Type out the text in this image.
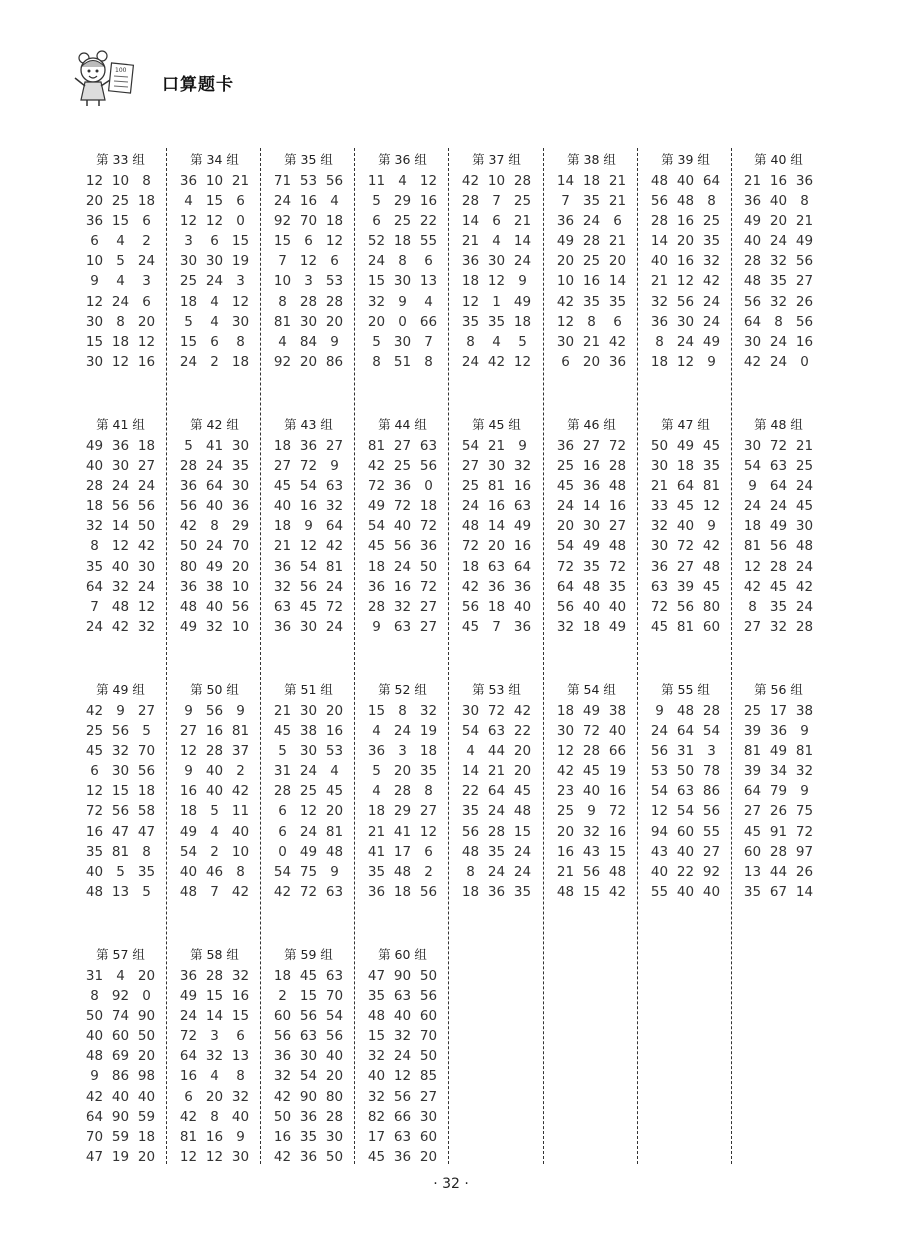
100
口算题卡
第 33 组
12 10 8
20 25 18
36 15 6
6 4 2
10 5 24
9 4 3
12 24 6
30 8 20
15 18 12
30 12 16
第 34 组
36 10 21
4 15 6
12 12 0
3 6 15
30 30 19
25 24 3
18 4 12
5 4 30
15 6 8
24 2 18
第 35 组
71 53 56
24 16 4
92 70 18
15 6 12
7 12 6
10 3 53
8 28 28
81 30 20
4 84 9
92 20 86
第 36 组
11 4 12
5 29 16
6 25 22
52 18 55
24 8 6
15 30 13
32 9 4
20 0 66
5 30 7
8 51 8
第 37 组
42 10 28
28 7 25
14 6 21
21 4 14
36 30 24
18 12 9
12 1 49
35 35 18
8 4 5
24 42 12
第 38 组
14 18 21
7 35 21
36 24 6
49 28 21
20 25 20
10 16 14
42 35 35
12 8 6
30 21 42
6 20 36
第 39 组
48 40 64
56 48 8
28 16 25
14 20 35
40 16 32
21 12 42
32 56 24
36 30 24
8 24 49
18 12 9
第 40 组
21 16 36
36 40 8
49 20 21
40 24 49
28 32 56
48 35 27
56 32 26
64 8 56
30 24 16
42 24 0
第 41 组
49 36 18
40 30 27
28 24 24
18 56 56
32 14 50
8 12 42
35 40 30
64 32 24
7 48 12
24 42 32
第 42 组
5 41 30
28 24 35
36 64 30
56 40 36
42 8 29
50 24 70
80 49 20
36 38 10
48 40 56
49 32 10
第 43 组
18 36 27
27 72 9
45 54 63
40 16 32
18 9 64
21 12 42
36 54 81
32 56 24
63 45 72
36 30 24
第 44 组
81 27 63
42 25 56
72 36 0
49 72 18
54 40 72
45 56 36
18 24 50
36 16 72
28 32 27
9 63 27
第 45 组
54 21 9
27 30 32
25 81 16
24 16 63
48 14 49
72 20 16
18 63 64
42 36 36
56 18 40
45 7 36
第 46 组
36 27 72
25 16 28
45 36 48
24 14 16
20 30 27
54 49 48
72 35 72
64 48 35
56 40 40
32 18 49
第 47 组
50 49 45
30 18 35
21 64 81
33 45 12
32 40 9
30 72 42
36 27 48
63 39 45
72 56 80
45 81 60
第 48 组
30 72 21
54 63 25
9 64 24
24 24 45
18 49 30
81 56 48
12 28 24
42 45 42
8 35 24
27 32 28
第 49 组
42 9 27
25 56 5
45 32 70
6 30 56
12 15 18
72 56 58
16 47 47
35 81 8
40 5 35
48 13 5
第 50 组
9 56 9
27 16 81
12 28 37
9 40 2
16 40 42
18 5 11
49 4 40
54 2 10
40 46 8
48 7 42
第 51 组
21 30 20
45 38 16
5 30 53
31 24 4
28 25 45
6 12 20
6 24 81
0 49 48
54 75 9
42 72 63
第 52 组
15 8 32
4 24 19
36 3 18
5 20 35
4 28 8
18 29 27
21 41 12
41 17 6
35 48 2
36 18 56
第 53 组
30 72 42
54 63 22
4 44 20
14 21 20
22 64 45
35 24 48
56 28 15
48 35 24
8 24 24
18 36 35
第 54 组
18 49 38
30 72 40
12 28 66
42 45 19
23 40 16
25 9 72
20 32 16
16 43 15
21 56 48
48 15 42
第 55 组
9 48 28
24 64 54
56 31 3
53 50 78
54 63 86
12 54 56
94 60 55
43 40 27
40 22 92
55 40 40
第 56 组
25 17 38
39 36 9
81 49 81
39 34 32
64 79 9
27 26 75
45 91 72
60 28 97
13 44 26
35 67 14
第 57 组
31 4 20
8 92 0
50 74 90
40 60 50
48 69 20
9 86 98
42 40 40
64 90 59
70 59 18
47 19 20
第 58 组
36 28 32
49 15 16
24 14 15
72 3 6
64 32 13
16 4 8
6 20 32
42 8 40
81 16 9
12 12 30
第 59 组
18 45 63
2 15 70
60 56 54
56 63 56
36 30 40
32 54 20
42 90 80
50 36 28
16 35 30
42 36 50
第 60 组
47 90 50
35 63 56
48 40 60
15 32 70
32 24 50
40 12 85
32 56 27
82 66 30
17 63 60
45 36 20
· 32 ·
